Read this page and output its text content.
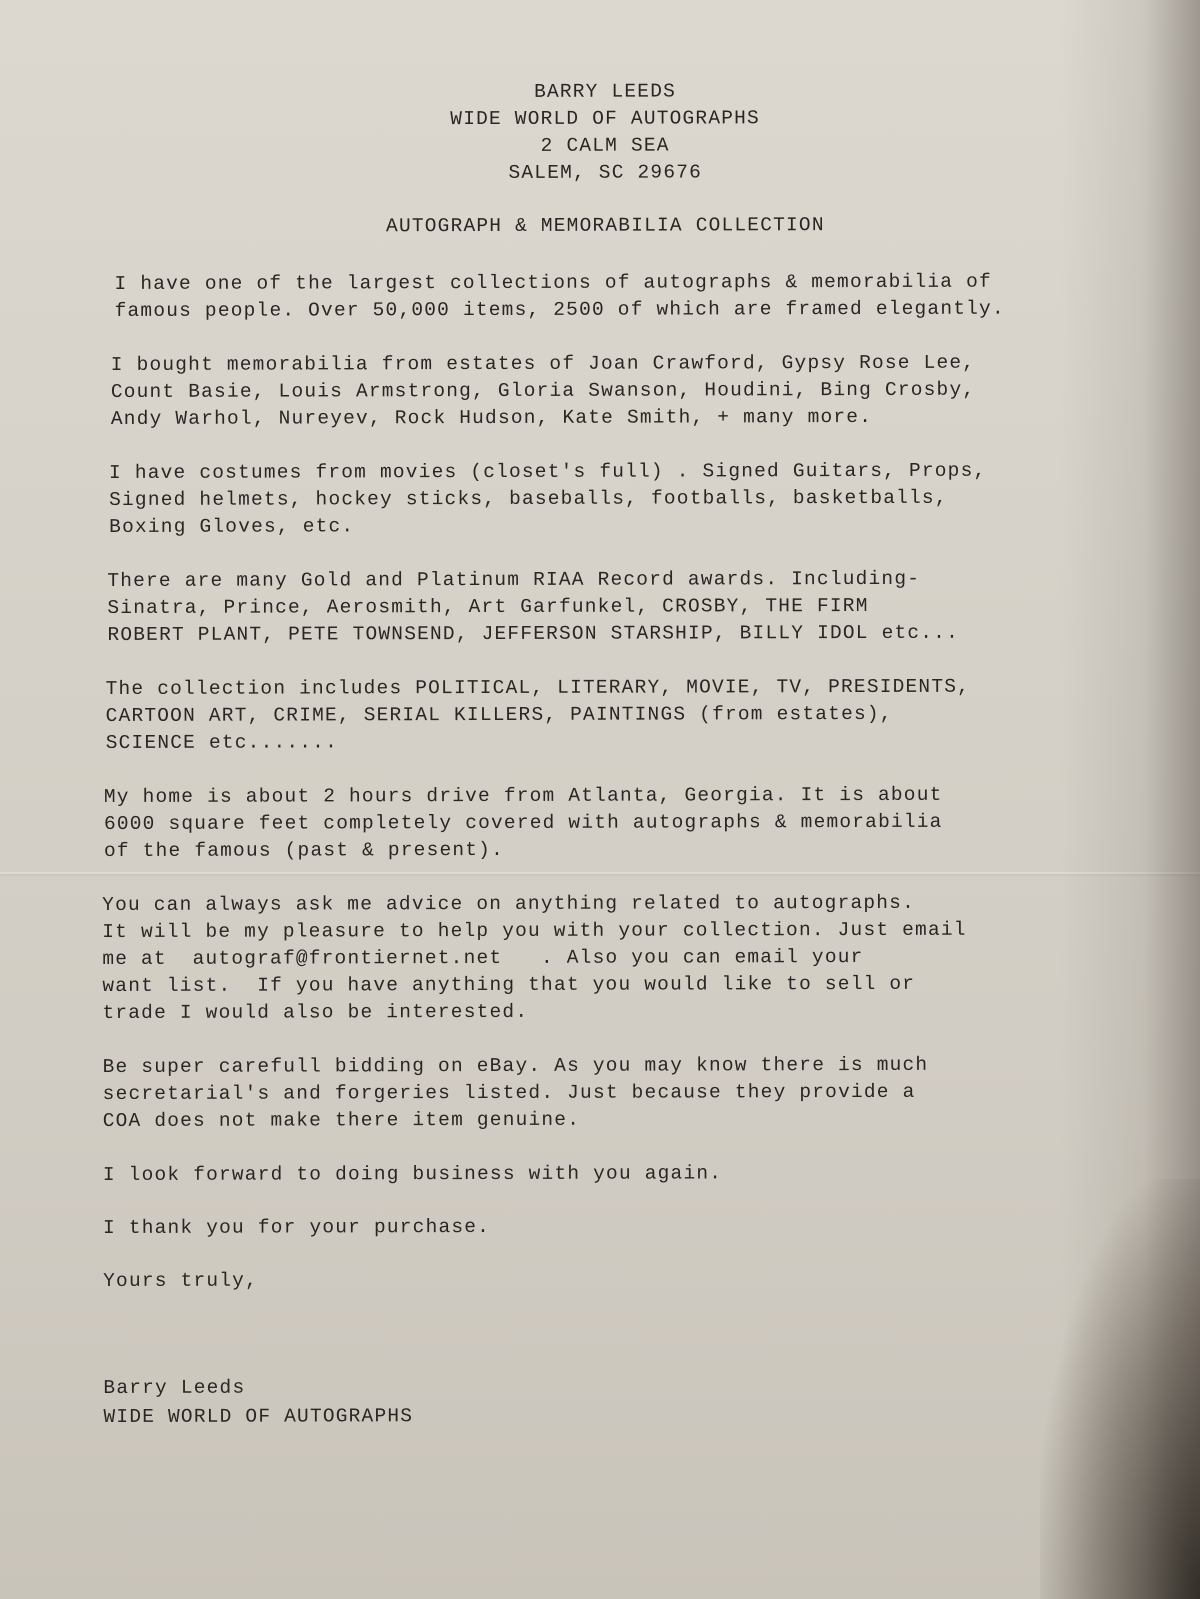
BARRY LEEDS
WIDE WORLD OF AUTOGRAPHS
2 CALM SEA
SALEM, SC 29676
AUTOGRAPH & MEMORABILIA COLLECTION

I have one of the largest collections of autographs & memorabilia of
famous people. Over 50,000 items, 2500 of which are framed elegantly.

I bought memorabilia from estates of Joan Crawford, Gypsy Rose Lee,
Count Basie, Louis Armstrong, Gloria Swanson, Houdini, Bing Crosby,
Andy Warhol, Nureyev, Rock Hudson, Kate Smith, + many more.

I have costumes from movies (closet's full) . Signed Guitars, Props,
Signed helmets, hockey sticks, baseballs, footballs, basketballs,
Boxing Gloves, etc.

There are many Gold and Platinum RIAA Record awards. Including-
Sinatra, Prince, Aerosmith, Art Garfunkel, CROSBY, THE FIRM
ROBERT PLANT, PETE TOWNSEND, JEFFERSON STARSHIP, BILLY IDOL etc...

The collection includes POLITICAL, LITERARY, MOVIE, TV, PRESIDENTS,
CARTOON ART, CRIME, SERIAL KILLERS, PAINTINGS (from estates),
SCIENCE etc.......

My home is about 2 hours drive from Atlanta, Georgia. It is about
6000 square feet completely covered with autographs & memorabilia
of the famous (past & present).

You can always ask me advice on anything related to autographs.
It will be my pleasure to help you with your collection. Just email
me at  autograf@frontiernet.net   . Also you can email your
want list.  If you have anything that you would like to sell or
trade I would also be interested.

Be super carefull bidding on eBay. As you may know there is much
secretarial's and forgeries listed. Just because they provide a
COA does not make there item genuine.

I look forward to doing business with you again.
I thank you for your purchase.
Yours truly,
Barry Leeds
WIDE WORLD OF AUTOGRAPHS
